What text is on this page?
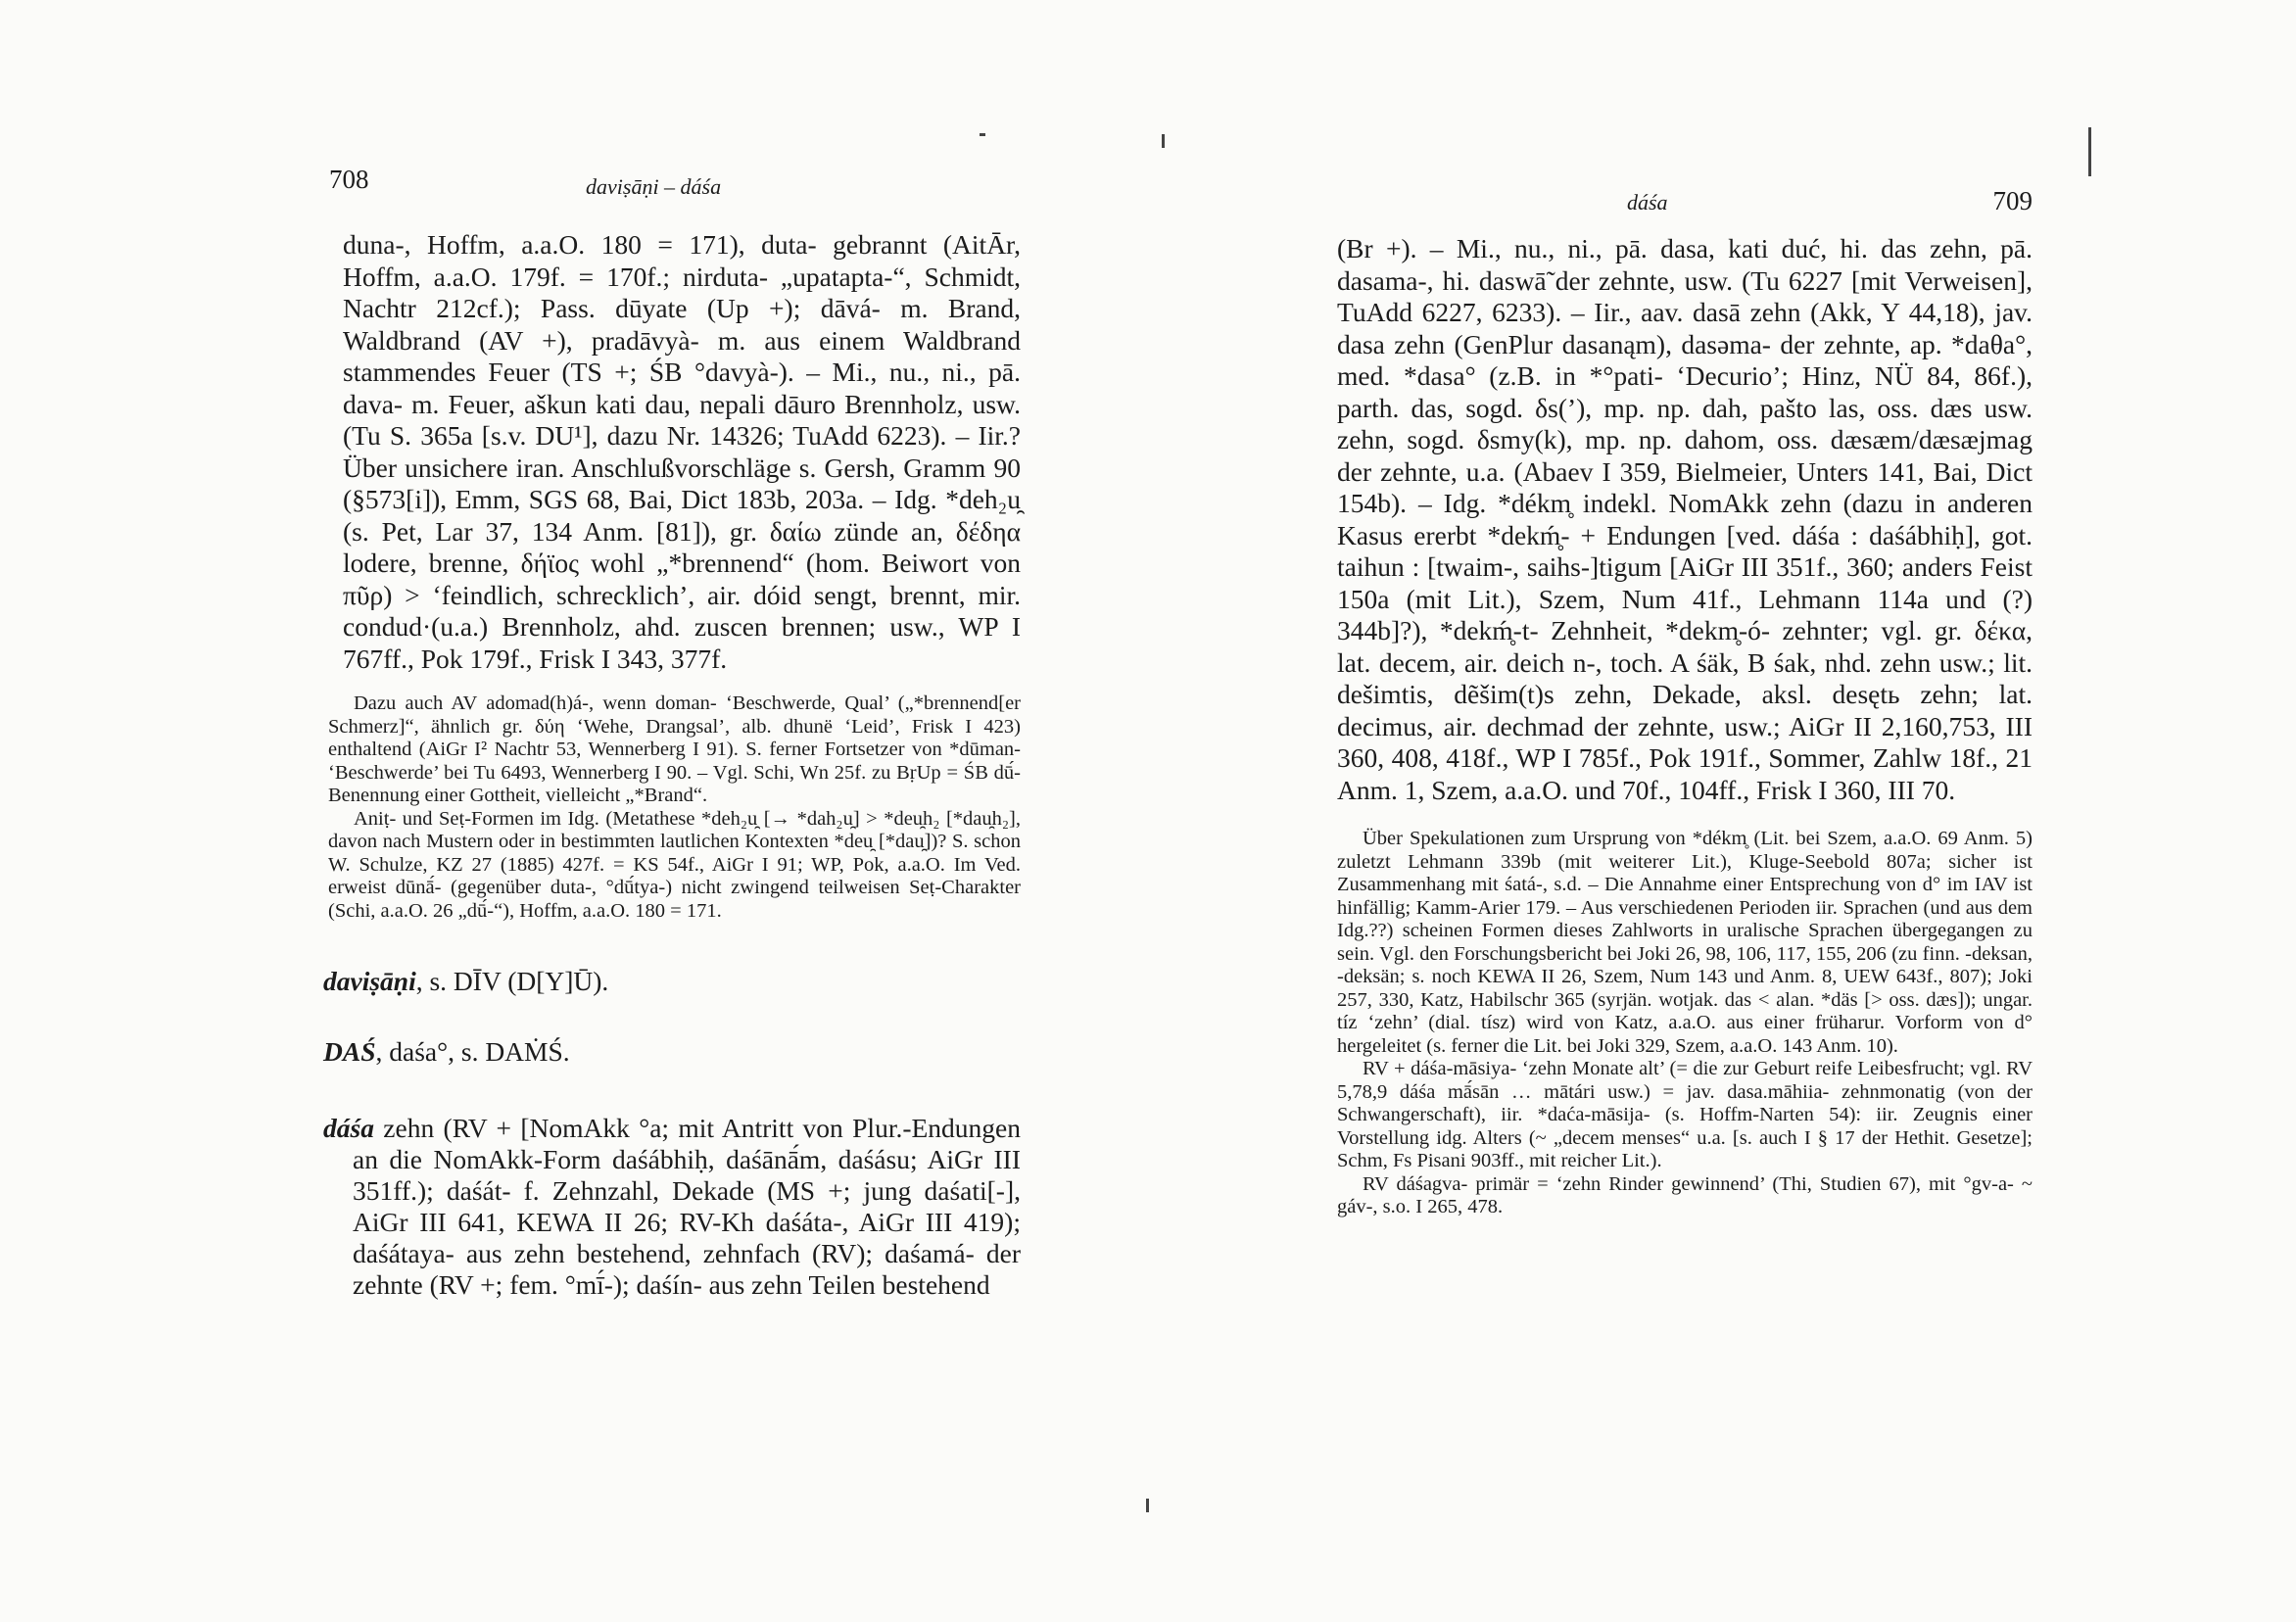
708	daviṣāṇi – dáśa

duna-, Hoffm, a.a.O. 180 = 171), duta- gebrannt (AitĀr, Hoffm, a.a.O. 179f. = 170f.; nirduta- „upatapta-“, Schmidt, Nachtr 212cf.); Pass. dūyate (Up +); dāvá- m. Brand, Waldbrand (AV +), pradāvyà- m. aus einem Waldbrand stammendes Feuer (TS +; ŚB °davyà-). – Mi., nu., ni., pā. dava- m. Feuer, aškun kati dau, nepali dāuro Brennholz, usw. (Tu S. 365a [s.v. DU¹], dazu Nr. 14326; TuAdd 6223). – Iir.? Über unsichere iran. Anschlußvorschläge s. Gersh, Gramm 90 (§573[i]), Emm, SGS 68, Bai, Dict 183b, 203a. – Idg. *deh₂u̯ (s. Pet, Lar 37, 134 Anm. [81]), gr. δαίω zünde an, δέδηα lodere, brenne, δήϊος wohl „*brennend“ (hom. Beiwort von πῦρ) > ‘feindlich, schrecklich’, air. dóid sengt, brennt, mir. condud·(u.a.) Brennholz, ahd. zuscen brennen; usw., WP I 767ff., Pok 179f., Frisk I 343, 377f.

Dazu auch AV adomad(h)á-, wenn doman- ‘Beschwerde, Qual’ („*brennend[er Schmerz]“, ähnlich gr. δύη ‘Wehe, Drangsal’, alb. dhunë ‘Leid’, Frisk I 423) enthaltend (AiGr I² Nachtr 53, Wennerberg I 91). S. ferner Fortsetzer von *dūman- ‘Beschwerde’ bei Tu 6493, Wennerberg I 90. – Vgl. Schi, Wn 25f. zu BṛUp = ŚB dū́- Benennung einer Gottheit, vielleicht „*Brand“.

Aniṭ- und Seṭ-Formen im Idg. (Metathese *deh₂u̯ [→ *dah₂u̯] > *deu̯h₂ [*dau̯h₂], davon nach Mustern oder in bestimmten lautlichen Kontexten *deu̯ [*dau̯])? S. schon W. Schulze, KZ 27 (1885) 427f. = KS 54f., AiGr I 91; WP, Pok, a.a.O. Im Ved. erweist dūnā́- (gegenüber duta-, °dū́tya-) nicht zwingend teilweisen Seṭ-Charakter (Schi, a.a.O. 26 „dū́-“), Hoffm, a.a.O. 180 = 171.

daviṣāṇi, s. DĪV (D[Y]Ū).

DAŚ, daśa°, s. DAṀŚ.

dáśa zehn (RV + [NomAkk °a; mit Antritt von Plur.-Endungen an die NomAkk-Form daśábhiḥ, daśānā́m, daśásu; AiGr III 351ff.); daśát- f. Zehnzahl, Dekade (MS +; jung daśati[-], AiGr III 641, KEWA II 26; RV-Kh daśáta-, AiGr III 419); daśátaya- aus zehn bestehend, zehnfach (RV); daśamá- der zehnte (RV +; fem. °mī́-); daśín- aus zehn Teilen bestehend

dáśa	709

(Br +). – Mi., nu., ni., pā. dasa, kati duć, hi. das zehn, pā. dasama-, hi. daswā̃ der zehnte, usw. (Tu 6227 [mit Verweisen], TuAdd 6227, 6233). – Iir., aav. dasā zehn (Akk, Y 44,18), jav. dasa zehn (GenPlur dasanąm), dasəma- der zehnte, ap. *daθa°, med. *dasa° (z.B. in *°pati- ‘Decurio’; Hinz, NÜ 84, 86f.), parth. das, sogd. δs(’), mp. np. dah, pašto las, oss. dæs usw. zehn, sogd. δsmy(k), mp. np. dahom, oss. dæsæm/dæsæjmag der zehnte, u.a. (Abaev I 359, Bielmeier, Unters 141, Bai, Dict 154b). – Idg. *dékm̥ indekl. NomAkk zehn (dazu in anderen Kasus ererbt *dekḿ̥- + Endungen [ved. dáśa : daśábhiḥ], got. taihun : [twaim-, saihs-]tigum [AiGr III 351f., 360; anders Feist 150a (mit Lit.), Szem, Num 41f., Lehmann 114a und (?) 344b]?), *dekḿ̥-t- Zehnheit, *dekm̥-ó- zehnter; vgl. gr. δέκα, lat. decem, air. deich n-, toch. A śäk, B śak, nhd. zehn usw.; lit. dešimtis, dẽšim(t)s zehn, Dekade, aksl. desętь zehn; lat. decimus, air. dechmad der zehnte, usw.; AiGr II 2,160,753, III 360, 408, 418f., WP I 785f., Pok 191f., Sommer, Zahlw 18f., 21 Anm. 1, Szem, a.a.O. und 70f., 104ff., Frisk I 360, III 70.

Über Spekulationen zum Ursprung von *dékm̥ (Lit. bei Szem, a.a.O. 69 Anm. 5) zuletzt Lehmann 339b (mit weiterer Lit.), Kluge-Seebold 807a; sicher ist Zusammenhang mit śatá-, s.d. – Die Annahme einer Entsprechung von d° im IAV ist hinfällig; Kamm-Arier 179. – Aus verschiedenen Perioden iir. Sprachen (und aus dem Idg.??) scheinen Formen dieses Zahlworts in uralische Sprachen übergegangen zu sein. Vgl. den Forschungsbericht bei Joki 26, 98, 106, 117, 155, 206 (zu finn. -deksan, -deksän; s. noch KEWA II 26, Szem, Num 143 und Anm. 8, UEW 643f., 807); Joki 257, 330, Katz, Habilschr 365 (syrjän. wotjak. das < alan. *däs [> oss. dæs]); ungar. tíz ‘zehn’ (dial. tísz) wird von Katz, a.a.O. aus einer früharur. Vorform von d° hergeleitet (s. ferner die Lit. bei Joki 329, Szem, a.a.O. 143 Anm. 10).

RV + dáśa-māsiya- ‘zehn Monate alt’ (= die zur Geburt reife Leibesfrucht; vgl. RV 5,78,9 dáśa mā́sān … mātári usw.) = jav. dasa.māhiia- zehnmonatig (von der Schwangerschaft), iir. *daća-māsija- (s. Hoffm-Narten 54): iir. Zeugnis einer Vorstellung idg. Alters (~ „decem menses“ u.a. [s. auch I § 17 der Hethit. Gesetze]; Schm, Fs Pisani 903ff., mit reicher Lit.).

RV dáśagva- primär = ‘zehn Rinder gewinnend’ (Thi, Studien 67), mit °gv-a- ~ gáv-, s.o. I 265, 478.
